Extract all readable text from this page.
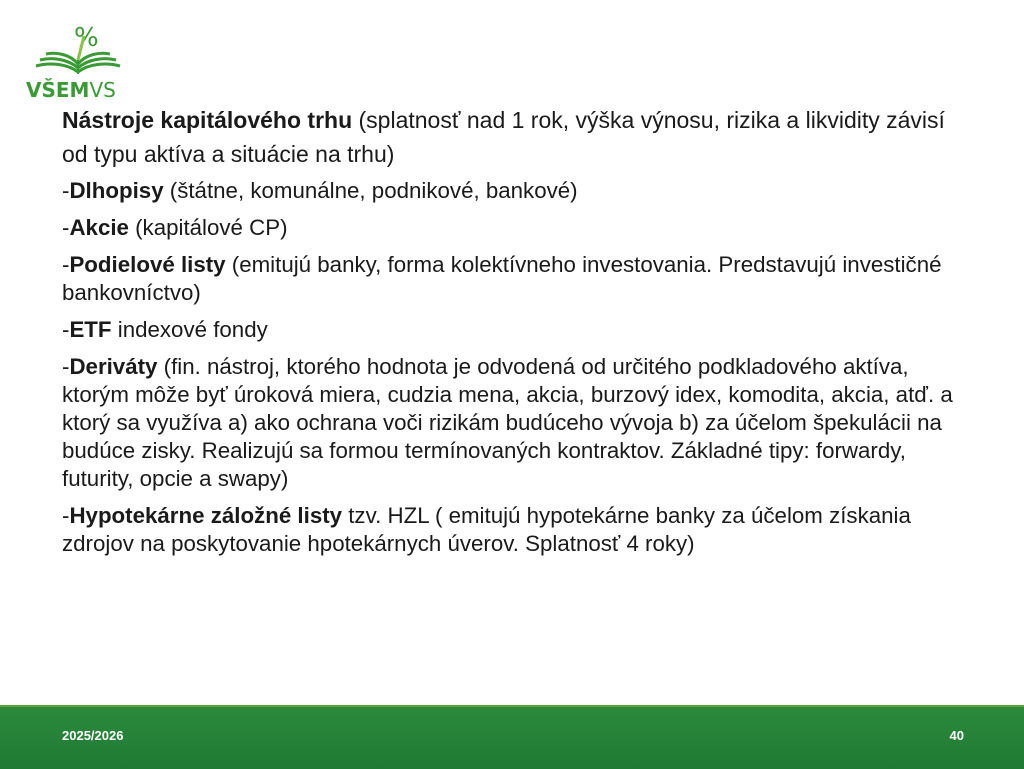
%
VŠEMVS

Nástroje kapitálového trhu (splatnosť nad 1 rok, výška výnosu, rizika a likvidity závisí od typu aktíva a situácie na trhu)

-Dlhopisy (štátne, komunálne, podnikové, bankové)

-Akcie (kapitálové CP)

-Podielové listy (emitujú banky, forma kolektívneho investovania. Predstavujú investičné bankovníctvo)

-ETF indexové fondy

-Deriváty (fin. nástroj, ktorého hodnota je odvodená od určitého podkladového aktíva, ktorým môže byť úroková miera, cudzia mena, akcia, burzový idex, komodita, akcia, atď. a ktorý sa využíva a) ako ochrana voči rizikám budúceho vývoja b) za účelom špekulácii na budúce zisky. Realizujú sa formou termínovaných kontraktov. Základné tipy: forwardy, futurity, opcie a swapy)

-Hypotekárne záložné listy tzv. HZL ( emitujú hypotekárne banky za účelom získania zdrojov na poskytovanie hpotekárnych úverov. Splatnosť 4 roky)

2025/2026	40
